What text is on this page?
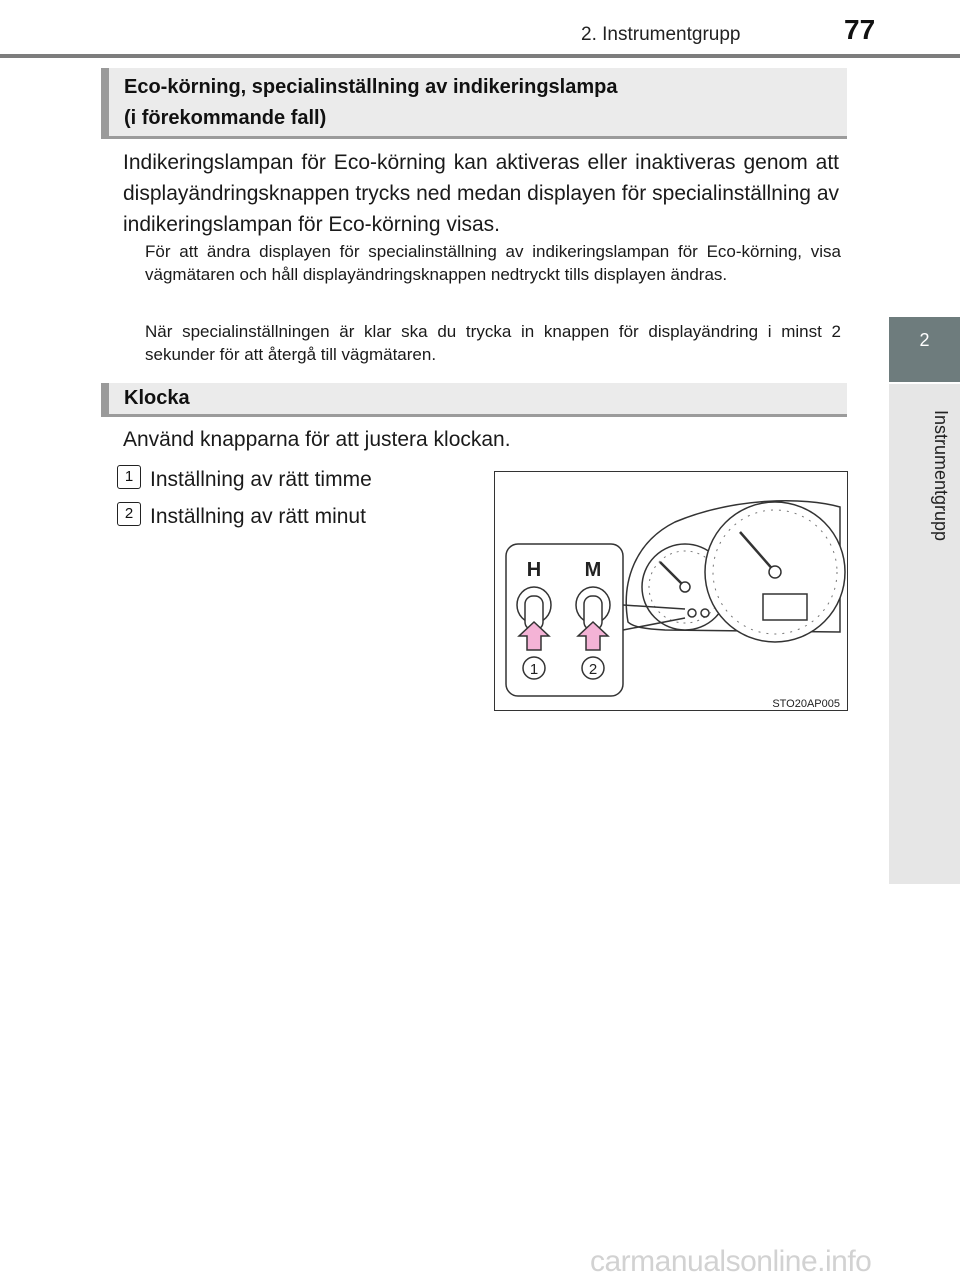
2. Instrumentgrupp	77
2
Instrumentgrupp
Eco-körning, specialinställning av indikeringslampa
(i förekommande fall)
Indikeringslampan för Eco-körning kan aktiveras eller inaktiveras genom att displayändringsknappen trycks ned medan displayen för specialinställning av indikeringslampan för Eco-körning visas.
För att ändra displayen för specialinställning av indikeringslampan för Eco-körning, visa vägmätaren och håll displayändringsknappen nedtryckt tills displayen ändras.
När specialinställningen är klar ska du trycka in knappen för displayändring i minst 2 sekunder för att återgå till vägmätaren.
Klocka
Använd knapparna för att justera klockan.
1 Inställning av rätt timme
2 Inställning av rätt minut
H M
1	2
STO20AP005
carmanualsonline.info
